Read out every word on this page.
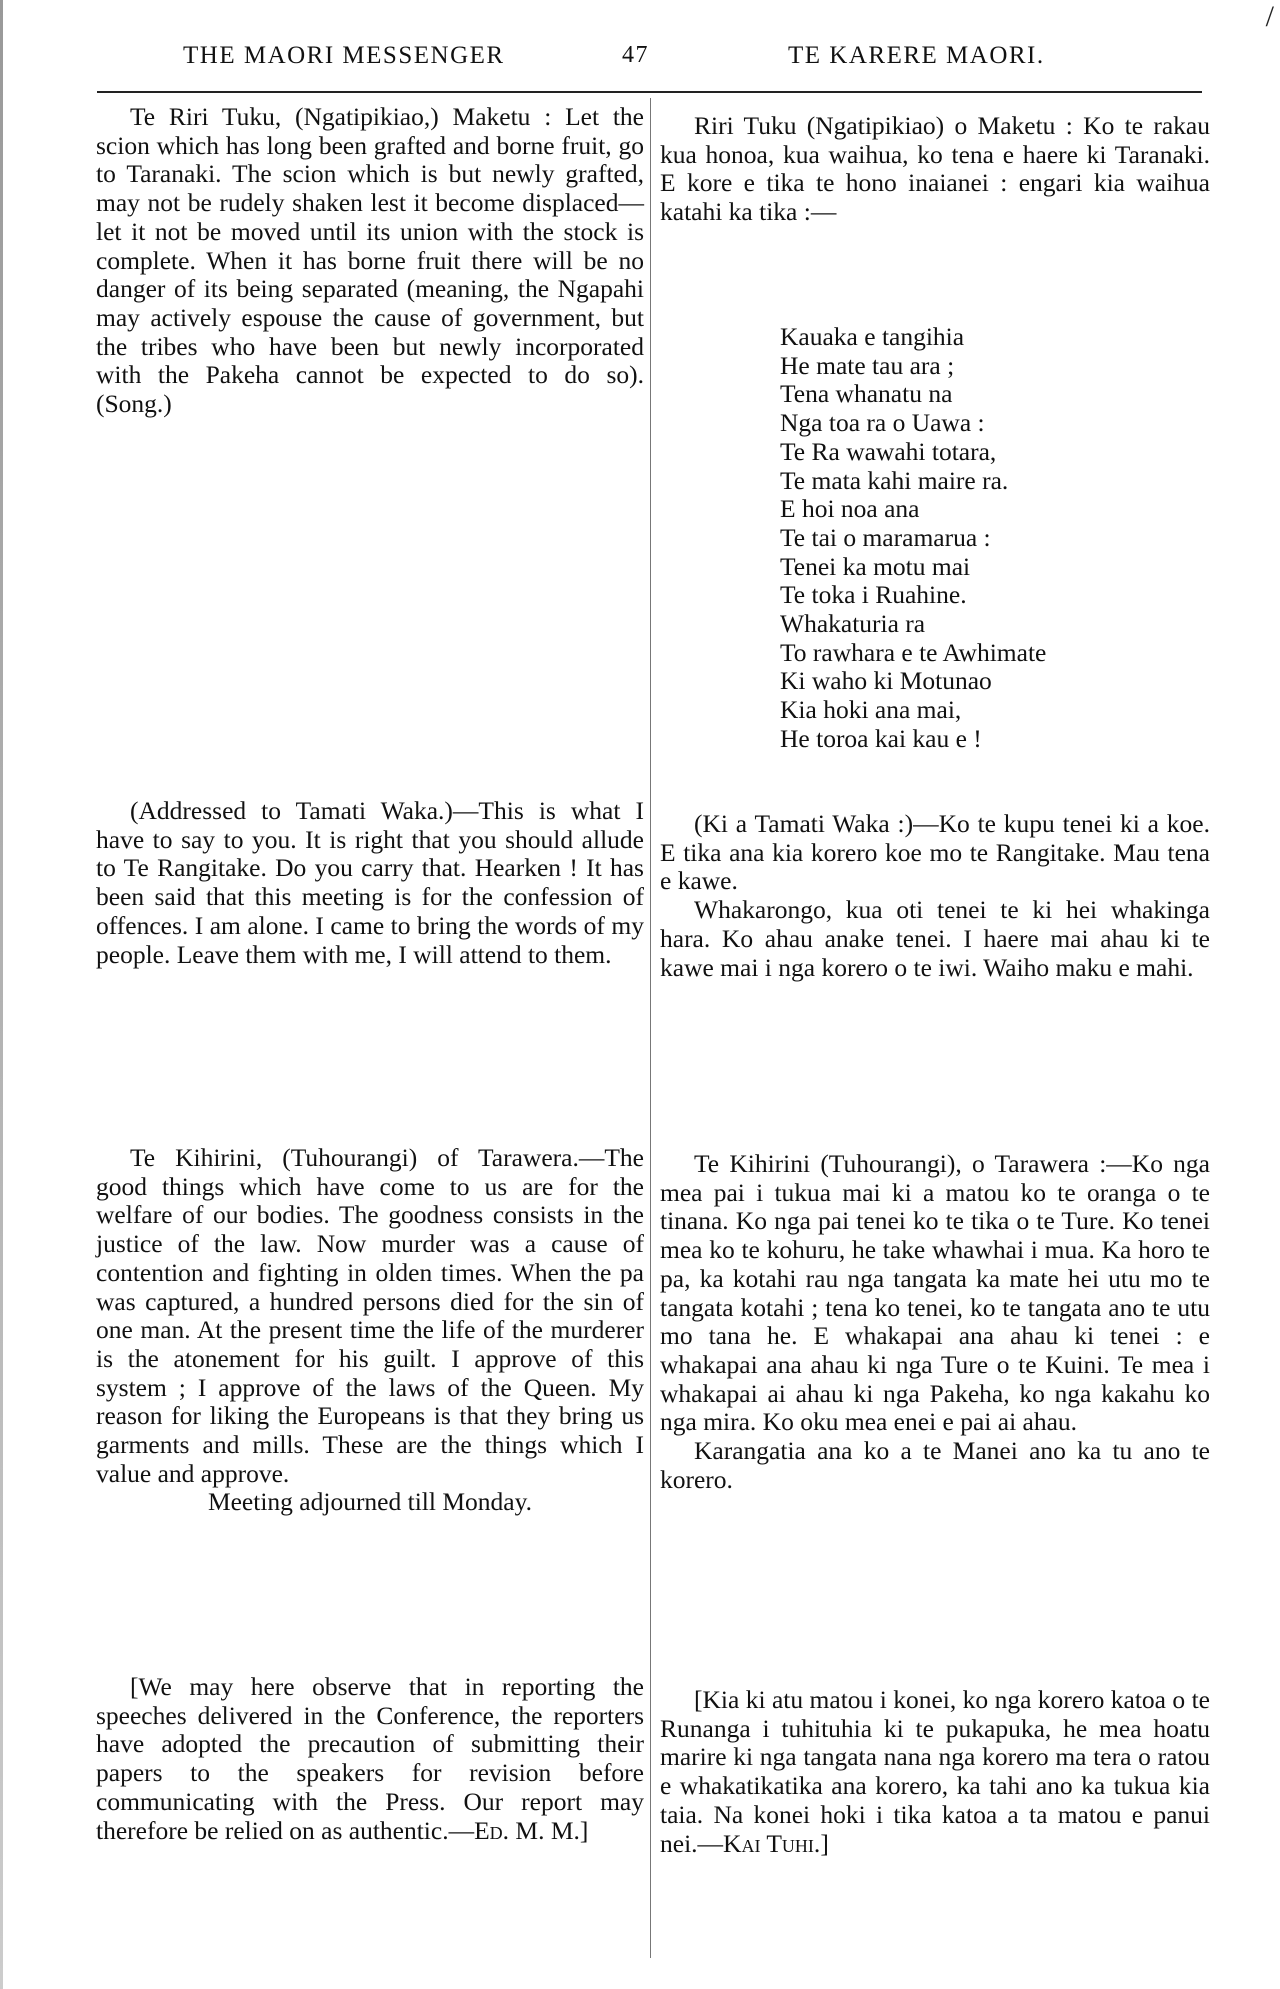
/
THE MAORI MESSENGER	47	TE KARERE MAORI.

Te Riri Tuku, (Ngatipikiao,) Maketu : Let the scion which has long been grafted and borne fruit, go to Taranaki. The scion which is but newly grafted, may not be rudely shaken lest it become displaced—let it not be moved until its union with the stock is complete. When it has borne fruit there will be no danger of its being separated (meaning, the Ngapahi may actively espouse the cause of government, but the tribes who have been but newly incorporated with the Pakeha cannot be expected to do so). (Song.)

(Addressed to Tamati Waka.)—This is what I have to say to you. It is right that you should allude to Te Rangitake. Do you carry that. Hearken ! It has been said that this meeting is for the confession of offences. I am alone. I came to bring the words of my people. Leave them with me, I will attend to them.

Te Kihirini, (Tuhourangi) of Tarawera.—The good things which have come to us are for the welfare of our bodies. The goodness consists in the justice of the law. Now murder was a cause of contention and fighting in olden times. When the pa was captured, a hundred persons died for the sin of one man. At the present time the life of the murderer is the atonement for his guilt. I approve of this system ; I approve of the laws of the Queen. My reason for liking the Europeans is that they bring us garments and mills. These are the things which I value and approve.

Meeting adjourned till Monday.

[We may here observe that in reporting the speeches delivered in the Conference, the reporters have adopted the precaution of submitting their papers to the speakers for revision before communicating with the Press. Our report may therefore be relied on as authentic.—Ed. M. M.]

Riri Tuku (Ngatipikiao) o Maketu : Ko te rakau kua honoa, kua waihua, ko tena e haere ki Taranaki. E kore e tika te hono inaianei : engari kia waihua katahi ka tika :—

Kauaka e tangihia
He mate tau ara ;
Tena whanatu na
Nga toa ra o Uawa :
Te Ra wawahi totara,
Te mata kahi maire ra.
E hoi noa ana
Te tai o maramarua :
Tenei ka motu mai
Te toka i Ruahine.
Whakaturia ra
To rawhara e te Awhimate
Ki waho ki Motunao
Kia hoki ana mai,
He toroa kai kau e !

(Ki a Tamati Waka :)—Ko te kupu tenei ki a koe. E tika ana kia korero koe mo te Rangitake. Mau tena e kawe.

Whakarongo, kua oti tenei te ki hei whakinga hara. Ko ahau anake tenei. I haere mai ahau ki te kawe mai i nga korero o te iwi. Waiho maku e mahi.

Te Kihirini (Tuhourangi), o Tarawera :—Ko nga mea pai i tukua mai ki a matou ko te oranga o te tinana. Ko nga pai tenei ko te tika o te Ture. Ko tenei mea ko te kohuru, he take whawhai i mua. Ka horo te pa, ka kotahi rau nga tangata ka mate hei utu mo te tangata kotahi ; tena ko tenei, ko te tangata ano te utu mo tana he. E whakapai ana ahau ki tenei : e whakapai ana ahau ki nga Ture o te Kuini. Te mea i whakapai ai ahau ki nga Pakeha, ko nga kakahu ko nga mira. Ko oku mea enei e pai ai ahau.

Karangatia ana ko a te Manei ano ka tu ano te korero.

[Kia ki atu matou i konei, ko nga korero katoa o te Runanga i tuhituhia ki te pukapuka, he mea hoatu marire ki nga tangata nana nga korero ma tera o ratou e whakatikatika ana korero, ka tahi ano ka tukua kia taia. Na konei hoki i tika katoa a ta matou e panui nei.—Kai Tuhi.]
